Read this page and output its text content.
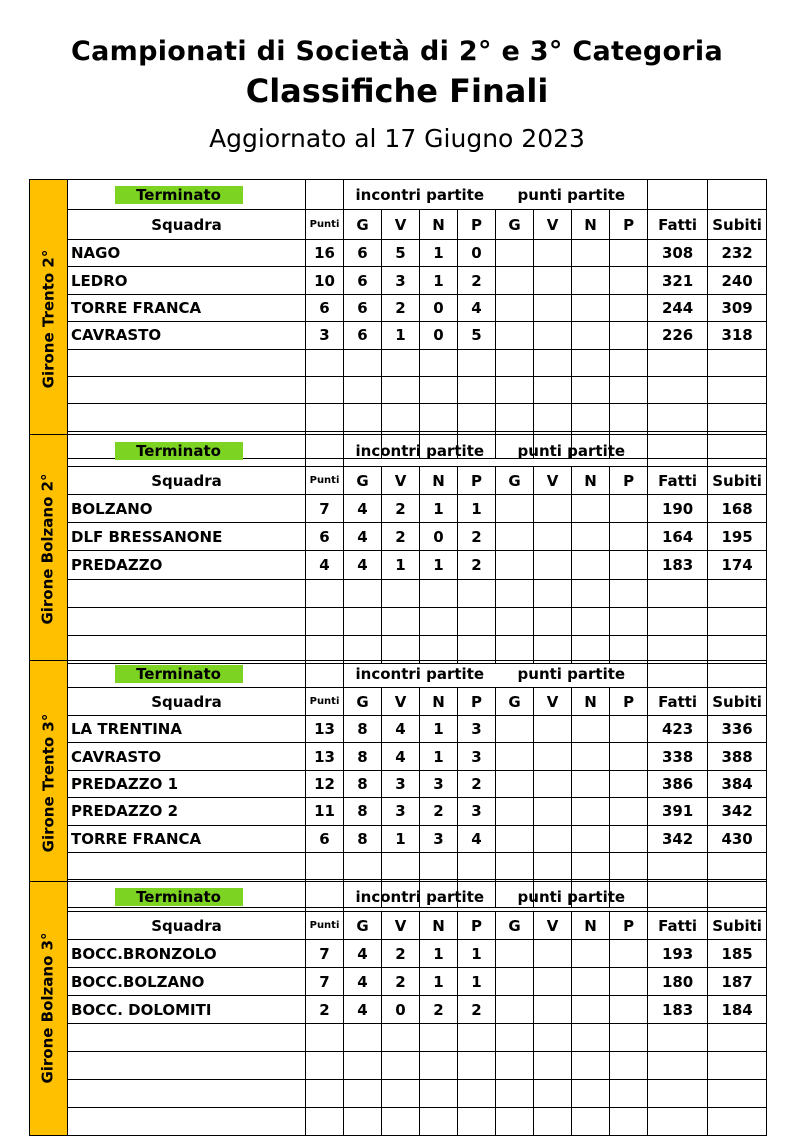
Campionati di Società di 2° e 3° Categoria
Classifiche Finali
Aggiornato al 17 Giugno 2023
	Terminato		incontri partite				punti partite					
	Squadra	Punti	G	V	N	P	G	V	N	P	Fatti	Subiti
	NAGO	16	6	5	1	0					308	232
	LEDRO	10	6	3	1	2					321	240
	TORRE FRANCA	6	6	2	0	4					244	309
	CAVRASTO	3	6	1	0	5					226	318

Girone Trento 2°
	Terminato		incontri partite				punti partite					
	Squadra	Punti	G	V	N	P	G	V	N	P	Fatti	Subiti
	BOLZANO	7	4	2	1	1					190	168
	DLF BRESSANONE	6	4	2	0	2					164	195
	PREDAZZO	4	4	1	1	2					183	174

Girone Bolzano 2°
	Terminato		incontri partite				punti partite					
	Squadra	Punti	G	V	N	P	G	V	N	P	Fatti	Subiti
	LA TRENTINA	13	8	4	1	3					423	336
	CAVRASTO	13	8	4	1	3					338	388
	PREDAZZO 1	12	8	3	3	2					386	384
	PREDAZZO 2	11	8	3	2	3					391	342
	TORRE FRANCA	6	8	1	3	4					342	430

Girone Trento 3°
	Terminato		incontri partite				punti partite					
	Squadra	Punti	G	V	N	P	G	V	N	P	Fatti	Subiti
	BOCC.BRONZOLO	7	4	2	1	1					193	185
	BOCC.BOLZANO	7	4	2	1	1					180	187
	BOCC. DOLOMITI	2	4	0	2	2					183	184

Girone Bolzano 3°
